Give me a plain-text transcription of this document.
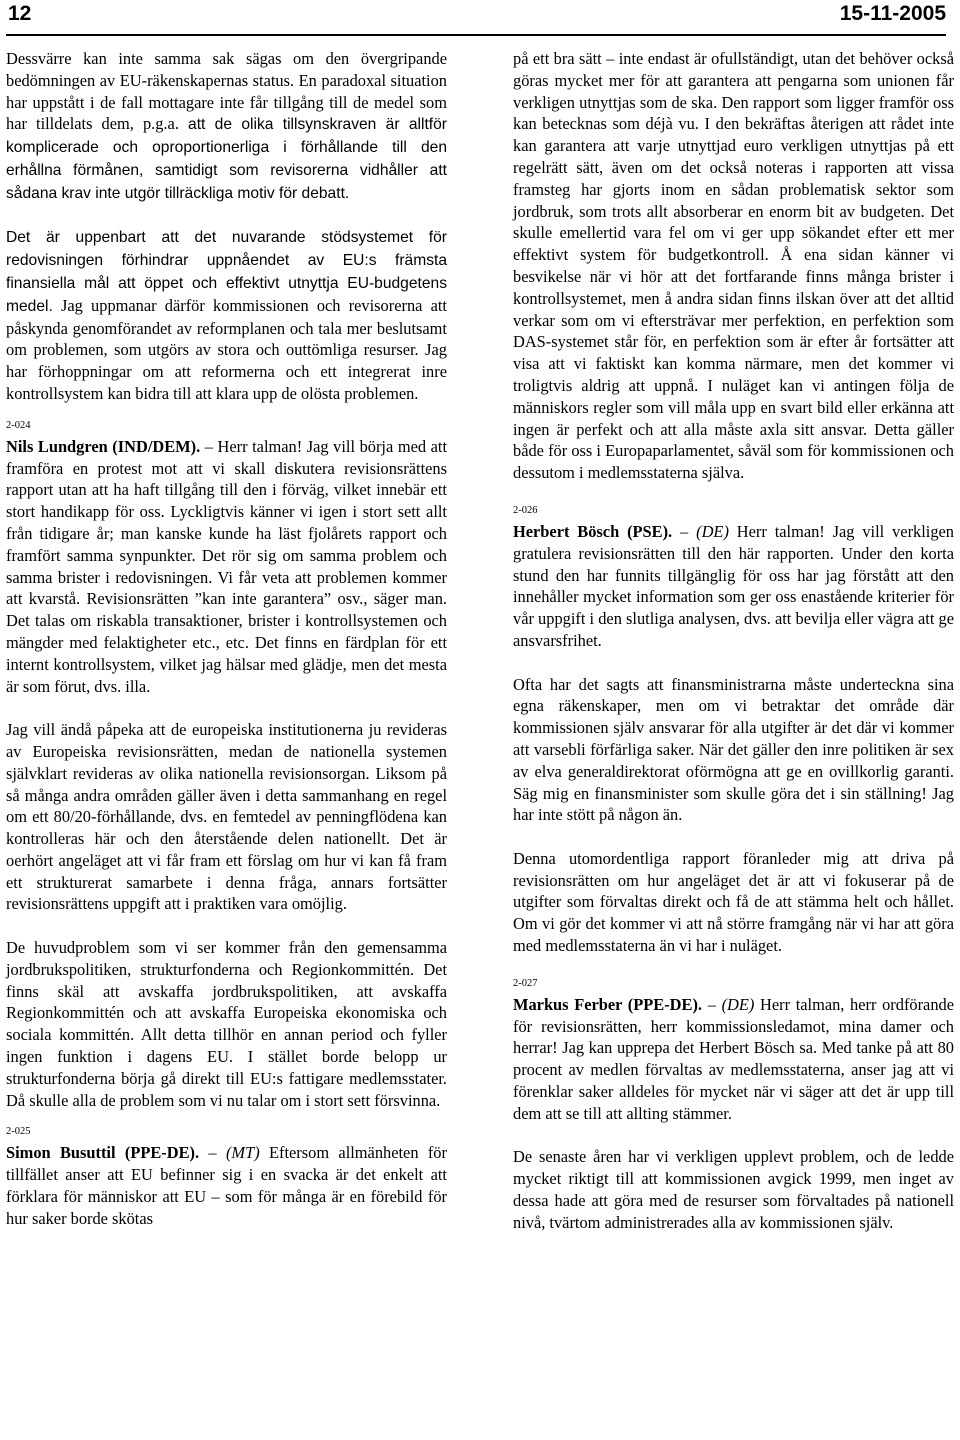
12	15-11-2005

Dessvärre kan inte samma sak sägas om den övergripande bedömningen av EU-räkenskapernas status. En paradoxal situation har uppstått i de fall mottagare inte får tillgång till de medel som har tilldelats dem, p.g.a. att de olika tillsynskraven är alltför komplicerade och oproportionerliga i förhållande till den erhållna förmånen, samtidigt som revisorerna vidhåller att sådana krav inte utgör tillräckliga motiv för debatt.

Det är uppenbart att det nuvarande stödsystemet för redovisningen förhindrar uppnåendet av EU:s främsta finansiella mål att öppet och effektivt utnyttja EU-budgetens medel. Jag uppmanar därför kommissionen och revisorerna att påskynda genomförandet av reformplanen och tala mer beslutsamt om problemen, som utgörs av stora och outtömliga resurser. Jag har förhoppningar om att reformerna och ett integrerat inre kontrollsystem kan bidra till att klara upp de olösta problemen.

2-024

Nils Lundgren (IND/DEM). – Herr talman! Jag vill börja med att framföra en protest mot att vi skall diskutera revisionsrättens rapport utan att ha haft tillgång till den i förväg, vilket innebär ett stort handikapp för oss. Lyckligtvis känner vi igen i stort sett allt från tidigare år; man kanske kunde ha läst fjolårets rapport och framfört samma synpunkter. Det rör sig om samma problem och samma brister i redovisningen. Vi får veta att problemen kommer att kvarstå. Revisionsrätten ”kan inte garantera” osv., säger man. Det talas om riskabla transaktioner, brister i kontrollsystemen och mängder med felaktigheter etc., etc. Det finns en färdplan för ett internt kontrollsystem, vilket jag hälsar med glädje, men det mesta är som förut, dvs. illa.

Jag vill ändå påpeka att de europeiska institutionerna ju revideras av Europeiska revisionsrätten, medan de nationella systemen självklart revideras av olika nationella revisionsorgan. Liksom på så många andra områden gäller även i detta sammanhang en regel om ett 80/20-förhållande, dvs. en femtedel av penningflödena kan kontrolleras här och den återstående delen nationellt. Det är oerhört angeläget att vi får fram ett förslag om hur vi kan få fram ett strukturerat samarbete i denna fråga, annars fortsätter revisionsrättens uppgift att i praktiken vara omöjlig.

De huvudproblem som vi ser kommer från den gemensamma jordbrukspolitiken, strukturfonderna och Regionkommittén. Det finns skäl att avskaffa jordbrukspolitiken, att avskaffa Regionkommittén och att avskaffa Europeiska ekonomiska och sociala kommittén. Allt detta tillhör en annan period och fyller ingen funktion i dagens EU. I stället borde belopp ur strukturfonderna börja gå direkt till EU:s fattigare medlemsstater. Då skulle alla de problem som vi nu talar om i stort sett försvinna.

2-025

Simon Busuttil (PPE-DE). – (MT) Eftersom allmänheten för tillfället anser att EU befinner sig i en svacka är det enkelt att förklara för människor att EU – som för många är en förebild för hur saker borde skötas

på ett bra sätt – inte endast är ofullständigt, utan det behöver också göras mycket mer för att garantera att pengarna som unionen får verkligen utnyttjas som de ska. Den rapport som ligger framför oss kan betecknas som déjà vu. I den bekräftas återigen att rådet inte kan garantera att varje utnyttjad euro verkligen utnyttjas på ett regelrätt sätt, även om det också noteras i rapporten att vissa framsteg har gjorts inom en sådan problematisk sektor som jordbruk, som trots allt absorberar en enorm bit av budgeten. Det skulle emellertid vara fel om vi ger upp sökandet efter ett mer effektivt system för budgetkontroll. Å ena sidan känner vi besvikelse när vi hör att det fortfarande finns många brister i kontrollsystemet, men å andra sidan finns ilskan över att det alltid verkar som om vi eftersträvar mer perfektion, en perfektion som DAS-systemet står för, en perfektion som är efter år fortsätter att visa att vi faktiskt kan komma närmare, men det kommer vi troligtvis aldrig att uppnå. I nuläget kan vi antingen följa de människors regler som vill måla upp en svart bild eller erkänna att ingen är perfekt och att alla måste axla sitt ansvar. Detta gäller både för oss i Europaparlamentet, såväl som för kommissionen och dessutom i medlemsstaterna själva.

2-026

Herbert Bösch (PSE). – (DE) Herr talman! Jag vill verkligen gratulera revisionsrätten till den här rapporten. Under den korta stund den har funnits tillgänglig för oss har jag förstått att den innehåller mycket information som ger oss enastående kriterier för vår uppgift i den slutliga analysen, dvs. att bevilja eller vägra att ge ansvarsfrihet.

Ofta har det sagts att finansministrarna måste underteckna sina egna räkenskaper, men om vi betraktar det område där kommissionen själv ansvarar för alla utgifter är det där vi kommer att varsebli förfärliga saker. När det gäller den inre politiken är sex av elva generaldirektorat oförmögna att ge en ovillkorlig garanti. Säg mig en finansminister som skulle göra det i sin ställning! Jag har inte stött på någon än.

Denna utomordentliga rapport föranleder mig att driva på revisionsrätten om hur angeläget det är att vi fokuserar på de utgifter som förvaltas direkt och få de att stämma helt och hållet. Om vi gör det kommer vi att nå större framgång när vi har att göra med medlemsstaterna än vi har i nuläget.

2-027

Markus Ferber (PPE-DE). – (DE) Herr talman, herr ordförande för revisionsrätten, herr kommissionsledamot, mina damer och herrar! Jag kan upprepa det Herbert Bösch sa. Med tanke på att 80 procent av medlen förvaltas av medlemsstaterna, anser jag att vi förenklar saker alldeles för mycket när vi säger att det är upp till dem att se till att allting stämmer.

De senaste åren har vi verkligen upplevt problem, och de ledde mycket riktigt till att kommissionen avgick 1999, men inget av dessa hade att göra med de resurser som förvaltades på nationell nivå, tvärtom administrerades alla av kommissionen själv.
